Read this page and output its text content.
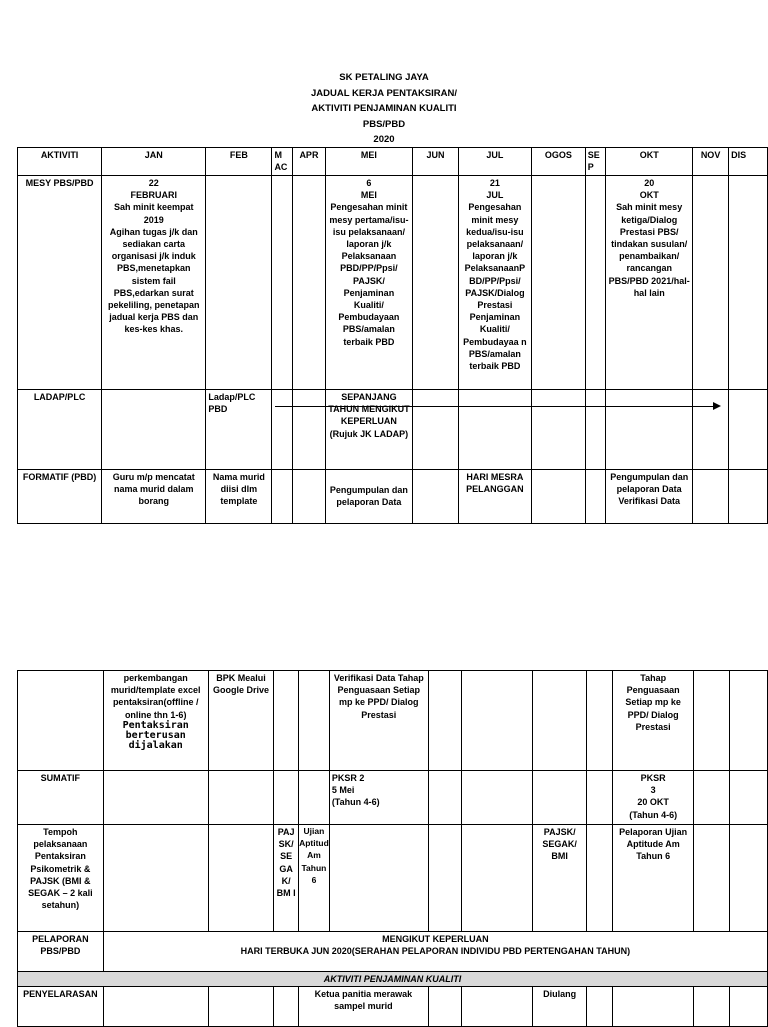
SK PETALING JAYA
JADUAL KERJA PENTAKSIRAN/
AKTIVITI PENJAMINAN KUALITI
PBS/PBD
2020
AKTIVITI	JAN	FEB	M AC	APR	MEI	JUN	JUL	OGOS	SE P	OKT	NOV	DIS
MESY PBS/PBD	22
FEBRUARI
Sah minit keempat 2019
Agihan tugas j/k dan sediakan carta organisasi j/k induk PBS,menetapkan sistem fail PBS,edarkan surat pekeliling, penetapan jadual kerja PBS dan kes-kes khas.				6
MEI
Pengesahan minit mesy pertama/isu-isu pelaksanaan/ laporan j/k Pelaksanaan PBD/PP/Ppsi/ PAJSK/ Penjaminan Kualiti/ Pembudayaan PBS/amalan terbaik PBD		21
JUL
Pengesahan minit mesy kedua/isu-isu pelaksanaan/ laporan j/k PelaksanaanP BD/PP/Ppsi/ PAJSK/Dialog Prestasi Penjaminan Kualiti/ Pembudayaa n PBS/amalan terbaik PBD			20
OKT
Sah minit mesy ketiga/Dialog Prestasi PBS/ tindakan susulan/ penambaikan/ rancangan PBS/PBD 2021/hal-hal lain		
LADAP/PLC		Ladap/PLC PBD			SEPANJANG TAHUN MENGIKUT KEPERLUAN (Rujuk JK LADAP)							
FORMATIF (PBD)	Guru m/p mencatat nama murid dalam borang	Nama murid diisi dlm template			Pengumpulan dan pelaporan Data		HARI MESRA PELANGGAN			Pengumpulan dan pelaporan Data Verifikasi Data		

	perkembangan murid/template excel pentaksiran(offline / online thn 1-6)
Pentaksiran berterusan dijalakan	BPK Mealui Google Drive			Verifikasi Data Tahap Penguasaan Setiap mp ke PPD/ Dialog Prestasi					Tahap Penguasaan Setiap mp ke PPD/ Dialog Prestasi		
SUMATIF					PKSR 2
5 Mei
(Tahun 4-6)					PKSR
3
20 OKT
(Tahun 4-6)		
Tempoh pelaksanaan Pentaksiran Psikometrik & PAJSK (BMI & SEGAK – 2 kali setahun)			PAJ SK/ SE GA K/ BM I	Ujian Aptitud Am Tahun 6				PAJSK/ SEGAK/ BMI		Pelaporan Ujian Aptitude Am Tahun 6		
PELAPORAN PBS/PBD	MENGIKUT KEPERLUAN
HARI TERBUKA JUN 2020(SERAHAN PELAPORAN INDIVIDU PBD PERTENGAHAN TAHUN)											

AKTIVITI PENJAMINAN KUALITI												
PENYELARASAN				Ketua panitia merawak sampel murid				Diulang				
